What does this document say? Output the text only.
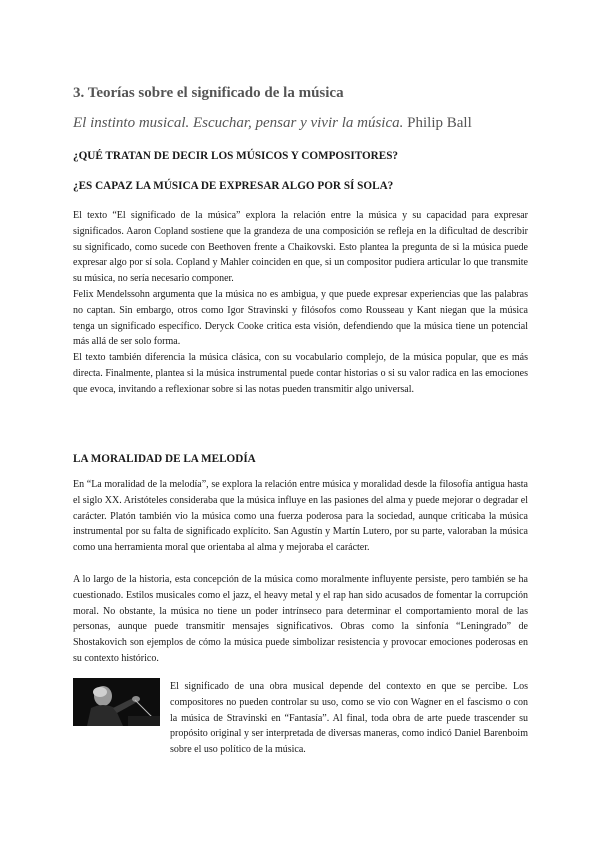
3. Teorías sobre el significado de la música
El instinto musical. Escuchar, pensar y vivir la música. Philip Ball
¿QUÉ TRATAN DE DECIR LOS MÚSICOS Y COMPOSITORES?
¿ES CAPAZ LA MÚSICA DE EXPRESAR ALGO POR SÍ SOLA?

El texto “El significado de la música” explora la relación entre la música y su capacidad para expresar significados. Aaron Copland sostiene que la grandeza de una composición se refleja en la dificultad de describir su significado, como sucede con Beethoven frente a Chaikovski. Esto plantea la pregunta de si la música puede expresar algo por sí sola. Copland y Mahler coinciden en que, si un compositor pudiera articular lo que transmite su música, no sería necesario componer.

Felix Mendelssohn argumenta que la música no es ambigua, y que puede expresar experiencias que las palabras no captan. Sin embargo, otros como Igor Stravinski y filósofos como Rousseau y Kant niegan que la música tenga un significado específico. Deryck Cooke critica esta visión, defendiendo que la música tiene un potencial más allá de ser solo forma.

El texto también diferencia la música clásica, con su vocabulario complejo, de la música popular, que es más directa. Finalmente, plantea si la música instrumental puede contar historias o si su valor radica en las emociones que evoca, invitando a reflexionar sobre si las notas pueden transmitir algo universal.

LA MORALIDAD DE LA MELODÍA

En “La moralidad de la melodía”, se explora la relación entre música y moralidad desde la filosofía antigua hasta el siglo XX. Aristóteles consideraba que la música influye en las pasiones del alma y puede mejorar o degradar el carácter. Platón también vio la música como una fuerza poderosa para la sociedad, aunque criticaba la música instrumental por su falta de significado explícito. San Agustín y Martín Lutero, por su parte, valoraban la música como una herramienta moral que orientaba al alma y mejoraba el carácter.

A lo largo de la historia, esta concepción de la música como moralmente influyente persiste, pero también se ha cuestionado. Estilos musicales como el jazz, el heavy metal y el rap han sido acusados de fomentar la corrupción moral. No obstante, la música no tiene un poder intrínseco para determinar el comportamiento moral de las personas, aunque puede transmitir mensajes significativos. Obras como la sinfonía “Leningrado” de Shostakovich son ejemplos de cómo la música puede simbolizar resistencia y provocar emociones poderosas en su contexto histórico.

El significado de una obra musical depende del contexto en que se percibe. Los compositores no pueden controlar su uso, como se vio con Wagner en el fascismo o con la música de Stravinski en “Fantasía”. Al final, toda obra de arte puede trascender su propósito original y ser interpretada de diversas maneras, como indicó Daniel Barenboim sobre el uso político de la música.
